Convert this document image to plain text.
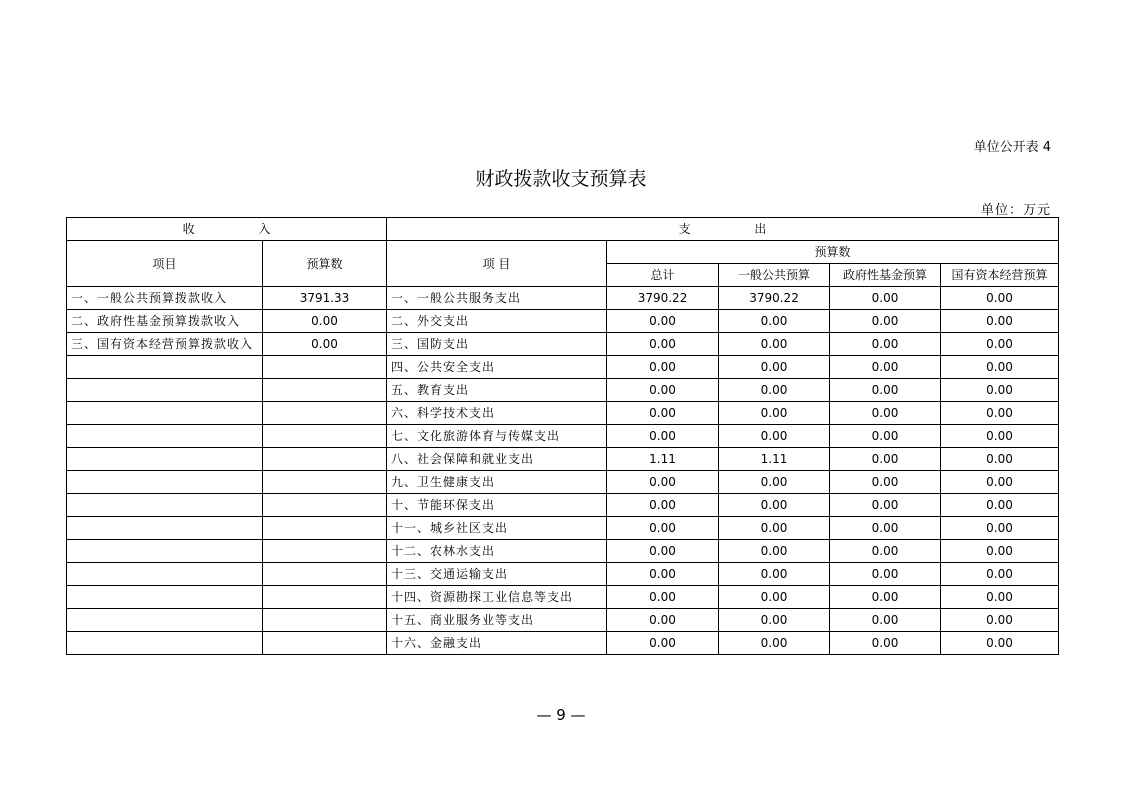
单位公开表 4
财政拨款收支预算表
单位：万元
收 入		支 出				
项目	预算数	项 目	预算数			
			总计	一般公共预算	政府性基金预算	国有资本经营预算
一、一般公共预算拨款收入	3791.33	一、一般公共服务支出	3790.22	3790.22	0.00	0.00
二、政府性基金预算拨款收入	0.00	二、外交支出	0.00	0.00	0.00	0.00
三、国有资本经营预算拨款收入	0.00	三、国防支出	0.00	0.00	0.00	0.00
		四、公共安全支出	0.00	0.00	0.00	0.00
		五、教育支出	0.00	0.00	0.00	0.00
		六、科学技术支出	0.00	0.00	0.00	0.00
		七、文化旅游体育与传媒支出	0.00	0.00	0.00	0.00
		八、社会保障和就业支出	1.11	1.11	0.00	0.00
		九、卫生健康支出	0.00	0.00	0.00	0.00
		十、节能环保支出	0.00	0.00	0.00	0.00
		十一、城乡社区支出	0.00	0.00	0.00	0.00
		十二、农林水支出	0.00	0.00	0.00	0.00
		十三、交通运输支出	0.00	0.00	0.00	0.00
		十四、资源勘探工业信息等支出	0.00	0.00	0.00	0.00
		十五、商业服务业等支出	0.00	0.00	0.00	0.00
		十六、金融支出	0.00	0.00	0.00	0.00
— 9 —
